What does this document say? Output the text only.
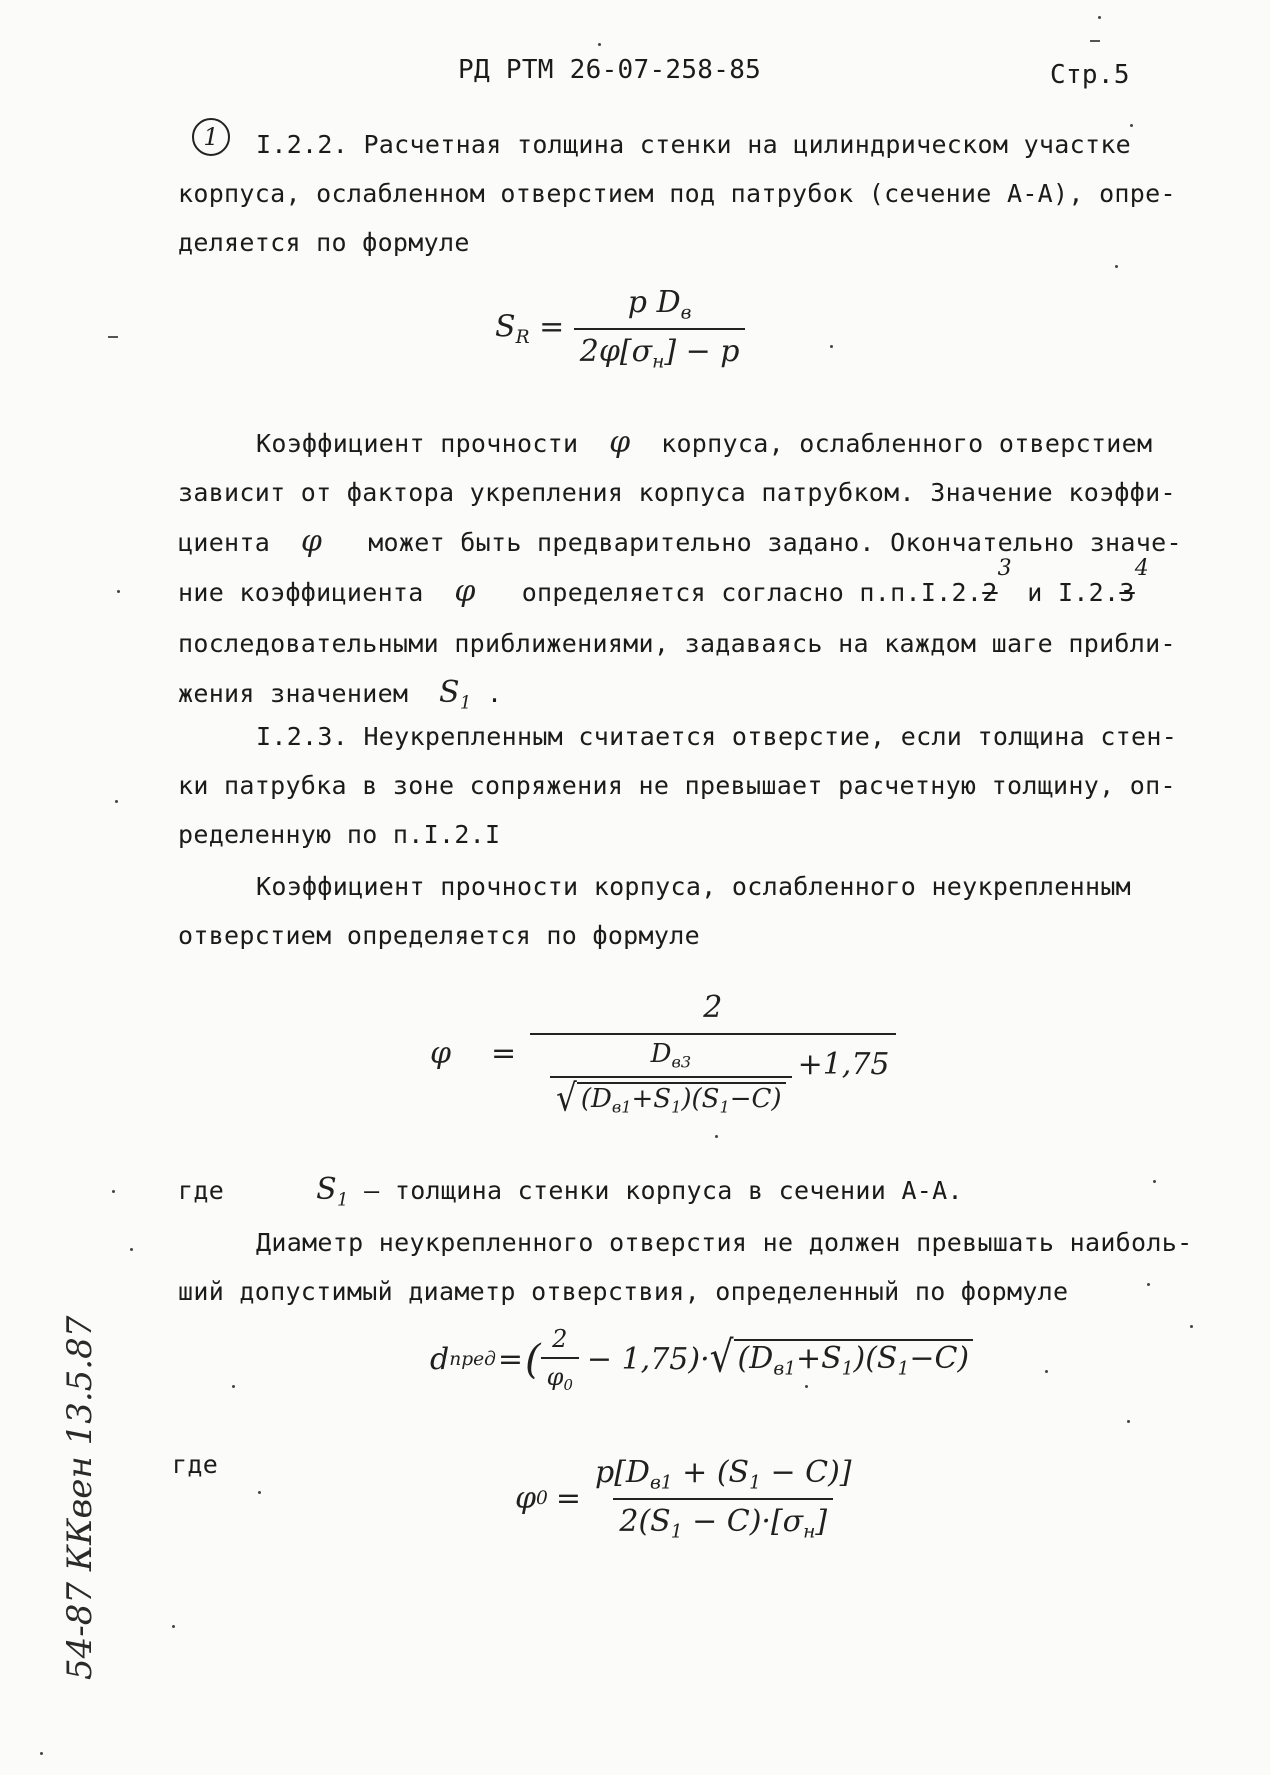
РД РТМ 26-07-258-85	Стр.5
1	I.2.2. Расчетная толщина стенки на цилиндрическом участке
корпуса, ослабленном отверстием под патрубок (сечение А-А), опре-
деляется по формуле
$S_R = \frac{p D_в}{2\varphi[\sigma_н] - p}$
Коэффициент прочности φ корпуса, ослабленного отверстием
зависит от фактора укрепления корпуса патрубком. Значение коэффи-
циента φ может быть предварительно задано. Окончательно значе-
ние коэффициента φ определяется согласно п.п.I.2.23 и I.2.34
последовательными приближениями, задаваясь на каждом шаге прибли-
жения значением $S_1$ .
I.2.3. Неукрепленным считается отверстие, если толщина стен-
ки патрубка в зоне сопряжения не превышает расчетную толщину, оп-
ределенную по п.I.2.I
Коэффициент прочности корпуса, ослабленного неукрепленным
отверстием определяется по формуле
φ =
2
$\frac{D_{в3}}{√ (D_{в1}+S_1)(S_1-C)} +1,75$
где	$S_1$ – толщина стенки корпуса в сечении А-А.
Диаметр неукрепленного отверстия не должен превышать наиболь-
ший допустимый диаметр отверствия, определенный по формуле
d пред = ( $\frac{2}{\varphi_0} - 1,75)\cdot$ √ $(D_{в1}+S_1)(S_1-C)$
где
φ $0 = \frac{p[D_{в1} + (S_1 - C)]}{2(S_1 - C)\cdot[\sigma_н]}$
54-87 ККвен 13.5.87
